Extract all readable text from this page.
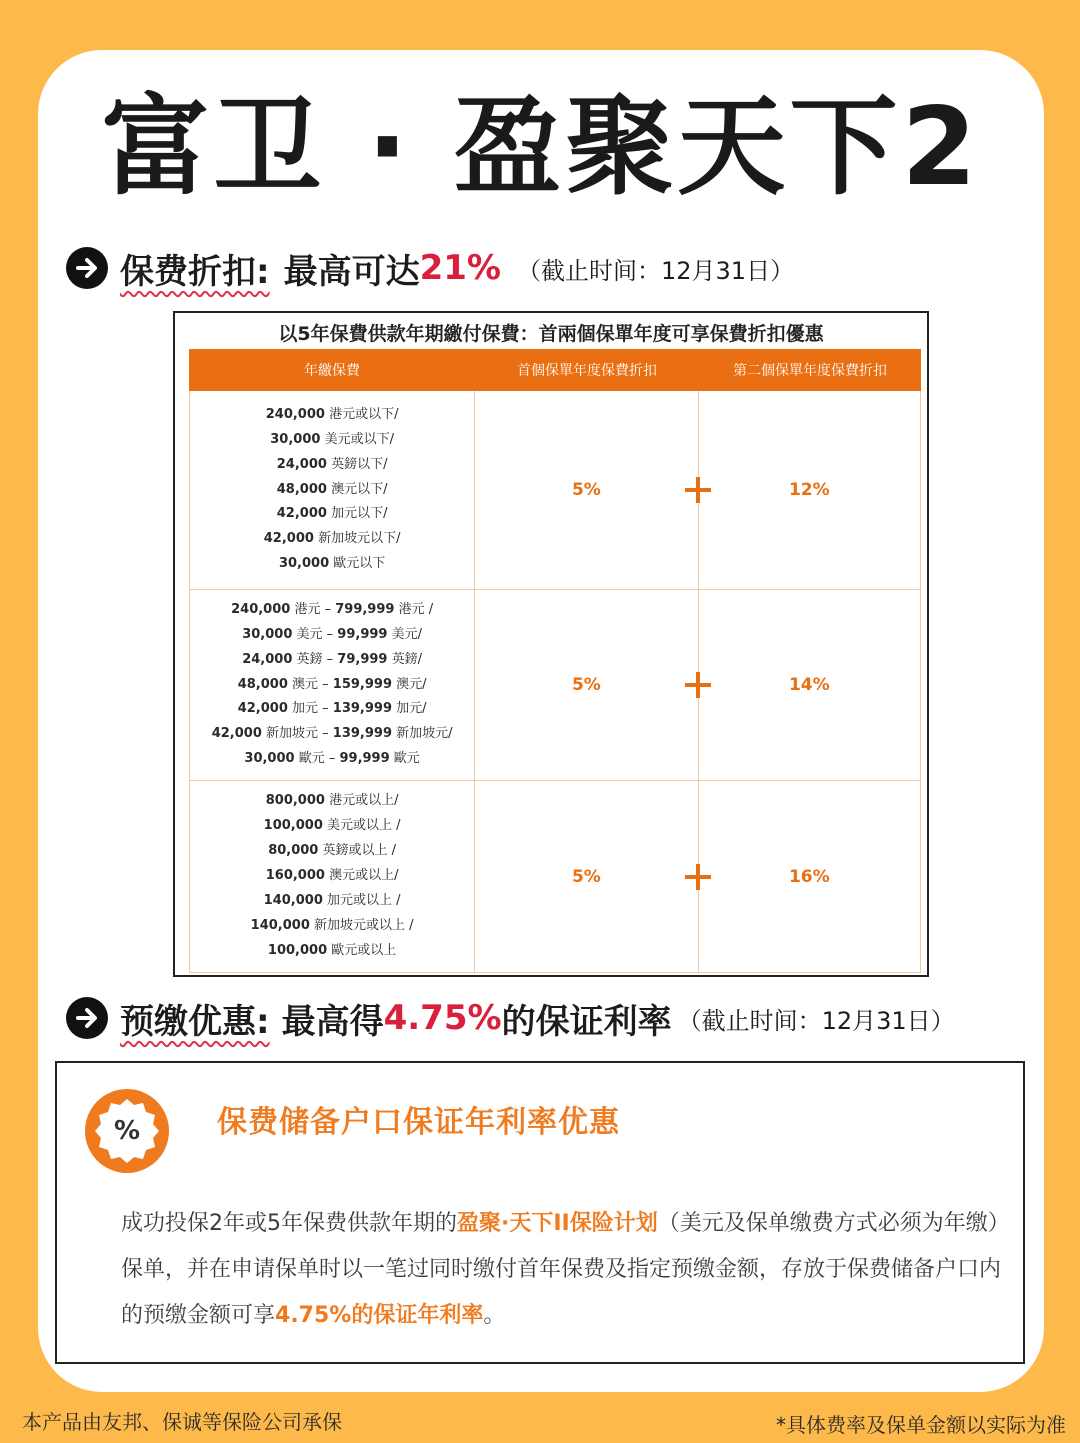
富卫 · 盈聚天下2
保费折扣: 最高可达 21% （截止时间：12月31日）
以5年保費供款年期繳付保費：首兩個保單年度可享保費折扣優惠
年繳保費	首個保單年度保費折扣	第二個保單年度保費折扣
240,000 港元或以下/
30,000 美元或以下/
24,000 英鎊以下/
48,000 澳元以下/
42,000 加元以下/
42,000 新加坡元以下/
30,000 歐元以下
5%	12%
240,000 港元 – 799,999 港元 /
30,000 美元 – 99,999 美元/
24,000 英鎊 – 79,999 英鎊/
48,000 澳元 – 159,999 澳元/
42,000 加元 – 139,999 加元/
42,000 新加坡元 – 139,999 新加坡元/
30,000 歐元 – 99,999 歐元
5%	14%
800,000 港元或以上/
100,000 美元或以上 /
80,000 英鎊或以上 /
160,000 澳元或以上/
140,000 加元或以上 /
140,000 新加坡元或以上 /
100,000 歐元或以上
5%	16%
预缴优惠: 最高得 4.75% 的保证利率 （截止时间：12月31日）
%	保费储备户口保证年利率优惠
成功投保2年或5年保费供款年期的盈聚·天下II保险计划（美元及保单缴费方式必须为年缴）保单，并在申请保单时以一笔过同时缴付首年保费及指定预缴金额，存放于保费储备户口内的预缴金额可享4.75%的保证年利率。
本产品由友邦、保诚等保险公司承保	*具体费率及保单金额以实际为准
